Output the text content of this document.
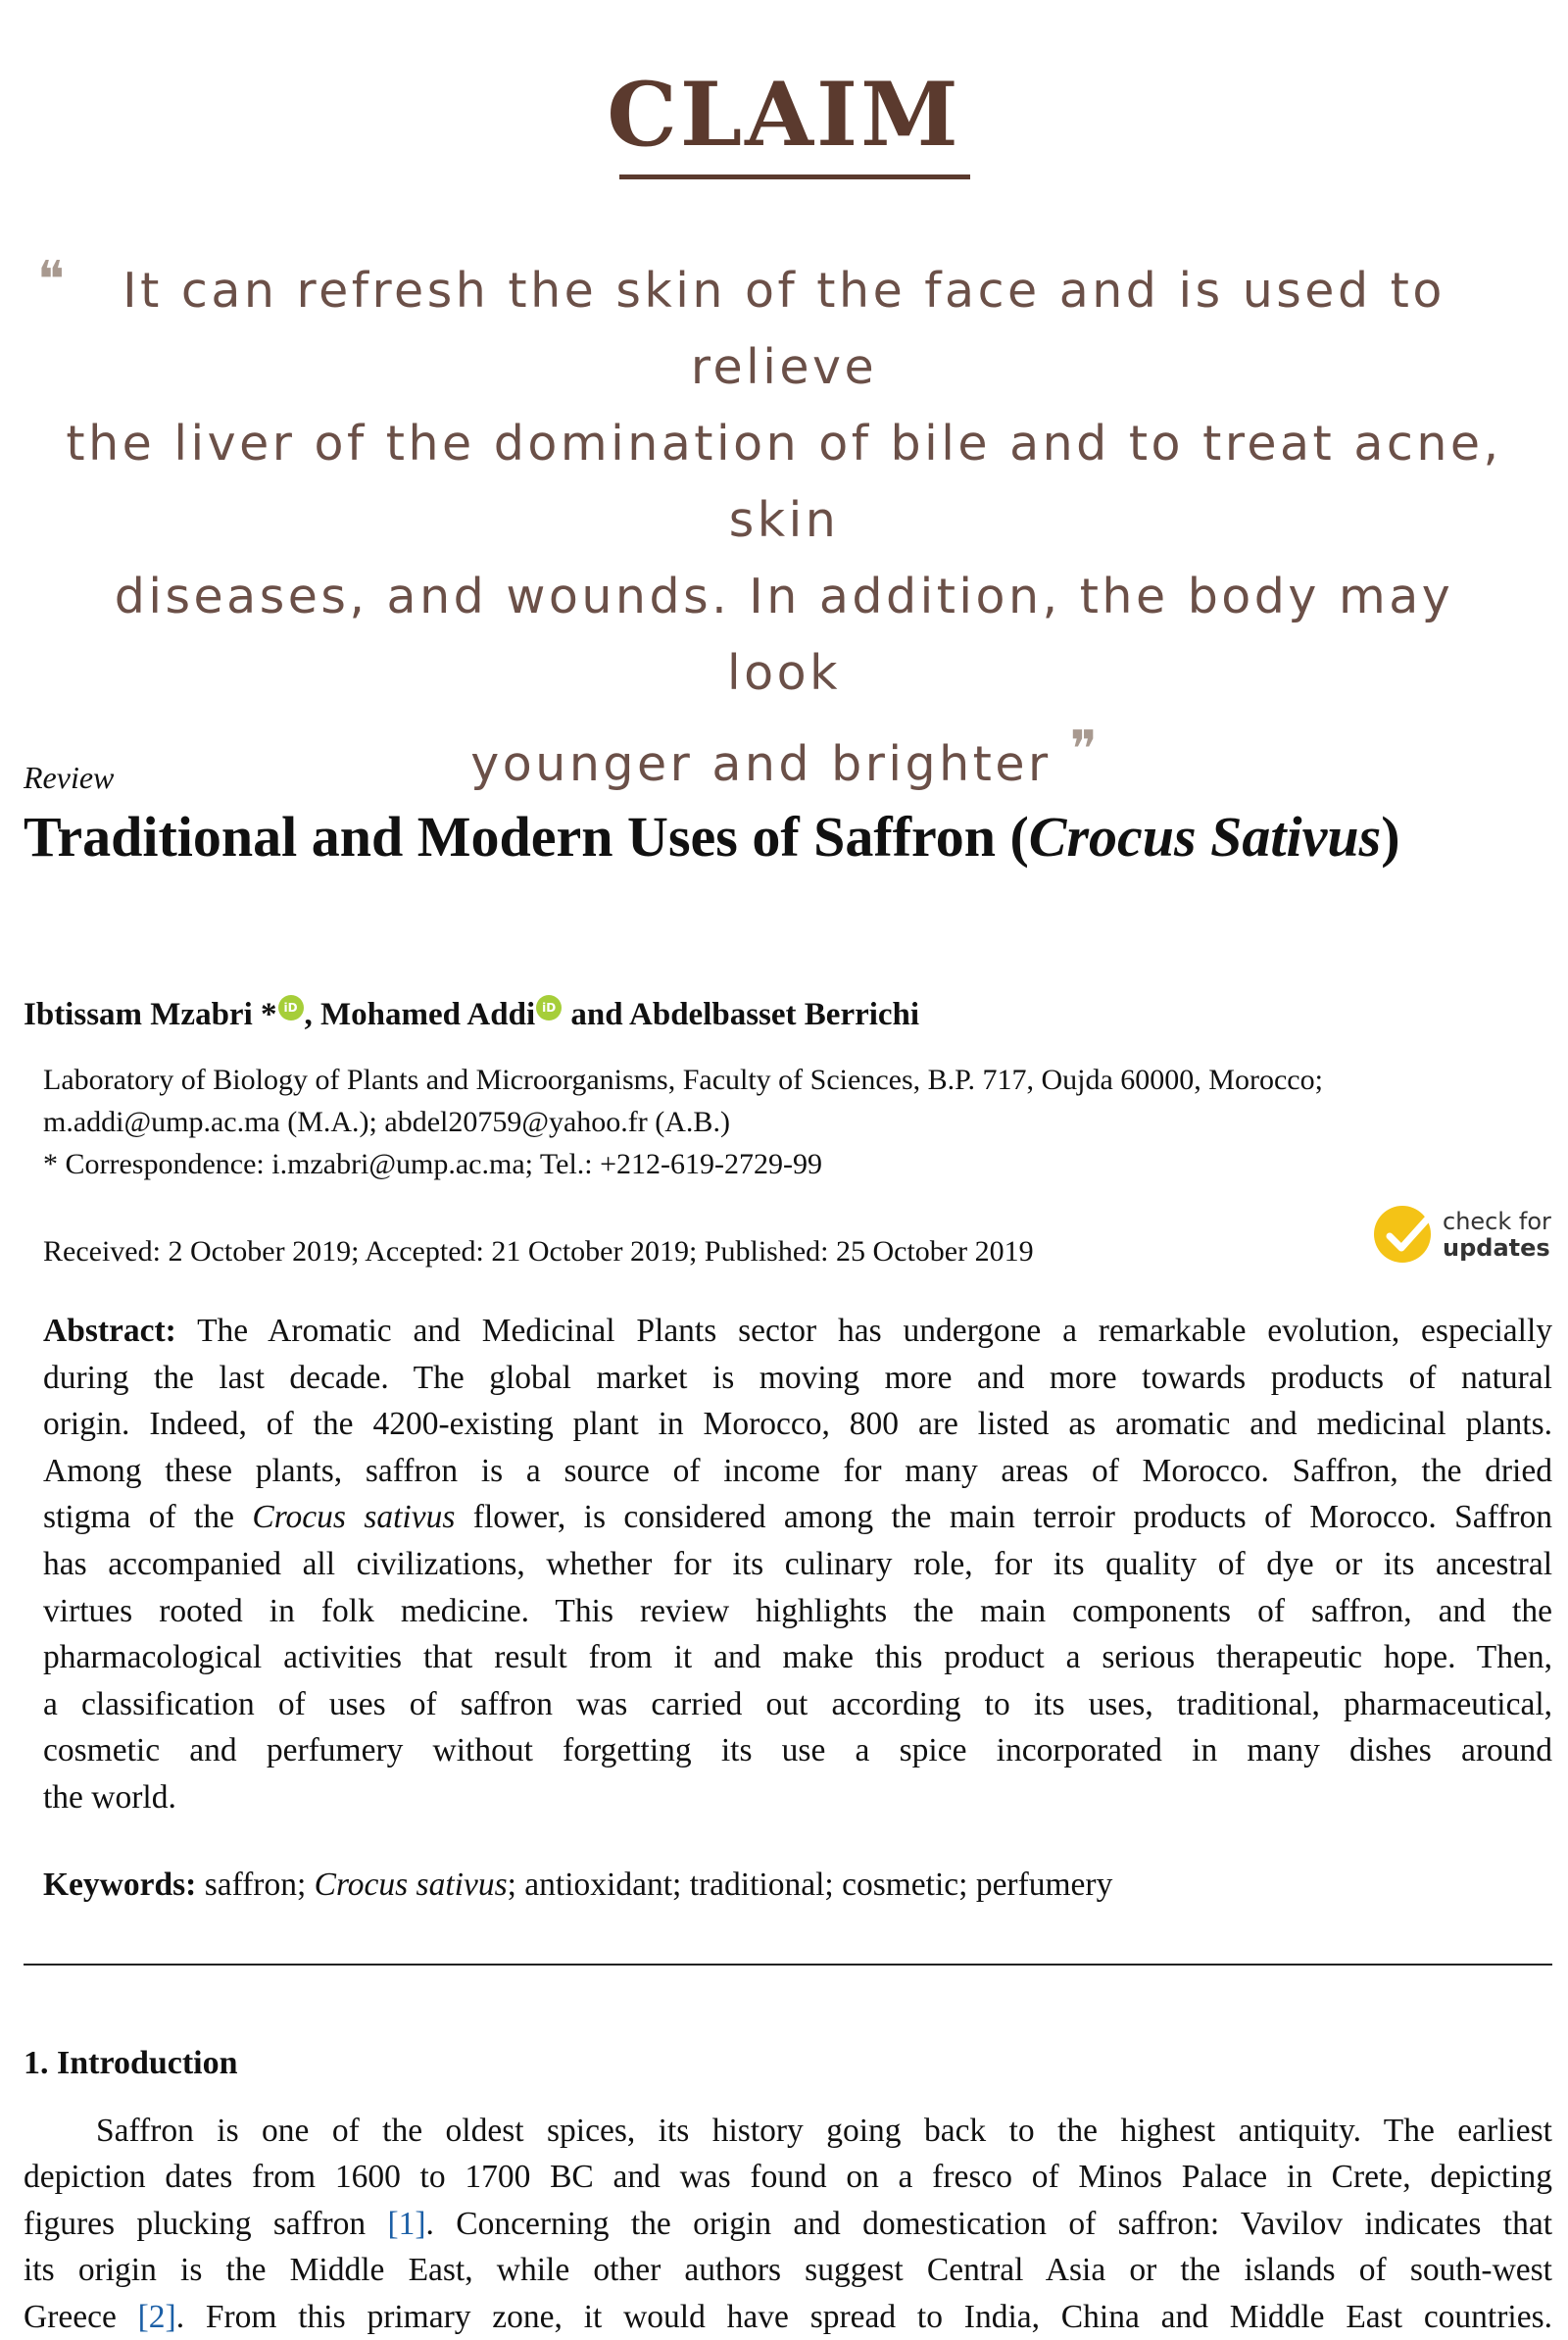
CLAIM
❝	It can refresh the skin of the face and is used to relieve
the liver of the domination of bile and to treat acne, skin
diseases, and wounds. In addition, the body may look
younger and brighter ❞
Review
Traditional and Modern Uses of Saffron (Crocus Sativus)
Ibtissam Mzabri * iD , Mohamed Addi iD and Abdelbasset Berrichi
Laboratory of Biology of Plants and Microorganisms, Faculty of Sciences, B.P. 717, Oujda 60000, Morocco;
m.addi@ump.ac.ma (M.A.); abdel20759@yahoo.fr (A.B.)
* Correspondence: i.mzabri@ump.ac.ma; Tel.: +212-619-2729-99
Received: 2 October 2019; Accepted: 21 October 2019; Published: 25 October 2019
check for
updates
Abstract: The Aromatic and Medicinal Plants sector has undergone a remarkable evolution, especially
during the last decade. The global market is moving more and more towards products of natural
origin. Indeed, of the 4200-existing plant in Morocco, 800 are listed as aromatic and medicinal plants.
Among these plants, saffron is a source of income for many areas of Morocco. Saffron, the dried
stigma of the Crocus sativus flower, is considered among the main terroir products of Morocco. Saffron
has accompanied all civilizations, whether for its culinary role, for its quality of dye or its ancestral
virtues rooted in folk medicine. This review highlights the main components of saffron, and the
pharmacological activities that result from it and make this product a serious therapeutic hope. Then,
a classification of uses of saffron was carried out according to its uses, traditional, pharmaceutical,
cosmetic and perfumery without forgetting its use a spice incorporated in many dishes around
the world.
Keywords: saffron; Crocus sativus; antioxidant; traditional; cosmetic; perfumery
1. Introduction
Saffron is one of the oldest spices, its history going back to the highest antiquity. The earliest
depiction dates from 1600 to 1700 BC and was found on a fresco of Minos Palace in Crete, depicting
figures plucking saffron [1]. Concerning the origin and domestication of saffron: Vavilov indicates that
its origin is the Middle East, while other authors suggest Central Asia or the islands of south-west
Greece [2]. From this primary zone, it would have spread to India, China and Middle East countries.
